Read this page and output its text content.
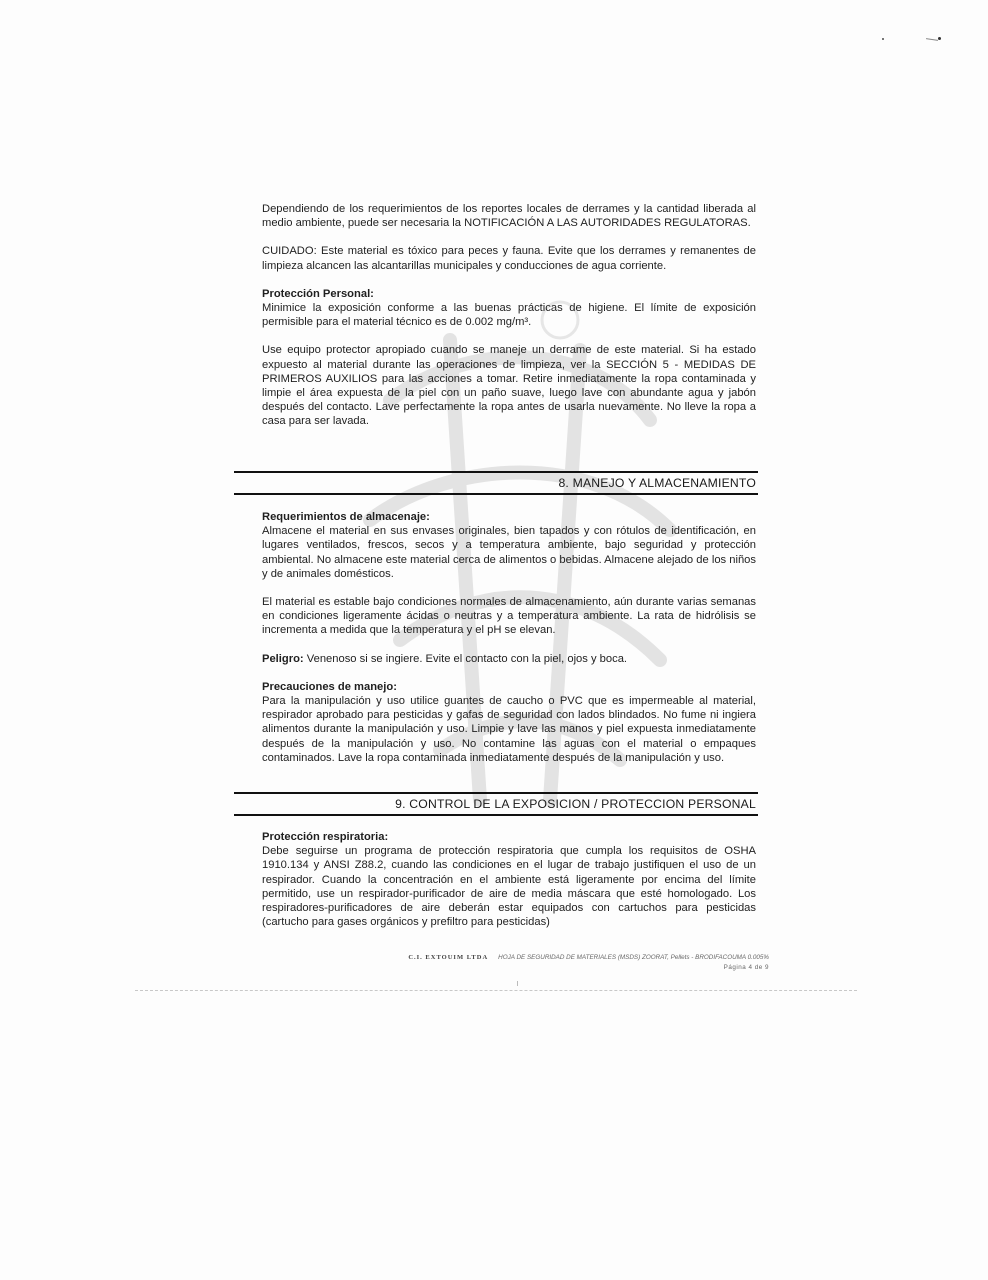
Dependiendo de los requerimientos de los reportes locales de derrames y la cantidad liberada al medio ambiente, puede ser necesaria la NOTIFICACIÓN A LAS AUTORIDADES REGULATORAS.

CUIDADO: Este material es tóxico para peces y fauna. Evite que los derrames y remanentes de limpieza alcancen las alcantarillas municipales y conducciones de agua corriente.

Protección Personal:

Minimice la exposición conforme a las buenas prácticas de higiene. El límite de exposición permisible para el material técnico es de 0.002 mg/m³.

Use equipo protector apropiado cuando se maneje un derrame de este material. Si ha estado expuesto al material durante las operaciones de limpieza, ver la SECCIÓN 5 - MEDIDAS DE PRIMEROS AUXILIOS para las acciones a tomar. Retire inmediatamente la ropa contaminada y limpie el área expuesta de la piel con un paño suave, luego lave con abundante agua y jabón después del contacto. Lave perfectamente la ropa antes de usarla nuevamente. No lleve la ropa a casa para ser lavada.

8. MANEJO Y ALMACENAMIENTO

Requerimientos de almacenaje:

Almacene el material en sus envases originales, bien tapados y con rótulos de identificación, en lugares ventilados, frescos, secos y a temperatura ambiente, bajo seguridad y protección ambiental. No almacene este material cerca de alimentos o bebidas. Almacene alejado de los niños y de animales domésticos.

El material es estable bajo condiciones normales de almacenamiento, aún durante varias semanas en condiciones ligeramente ácidas o neutras y a temperatura ambiente. La rata de hidrólisis se incrementa a medida que la temperatura y el pH se elevan.

Peligro: Venenoso si se ingiere. Evite el contacto con la piel, ojos y boca.

Precauciones de manejo:

Para la manipulación y uso utilice guantes de caucho o PVC que es impermeable al material, respirador aprobado para pesticidas y gafas de seguridad con lados blindados. No fume ni ingiera alimentos durante la manipulación y uso. Limpie y lave las manos y piel expuesta inmediatamente después de la manipulación y uso. No contamine las aguas con el material o empaques contaminados. Lave la ropa contaminada inmediatamente después de la manipulación y uso.

9. CONTROL DE LA EXPOSICION / PROTECCION PERSONAL

Protección respiratoria:

Debe seguirse un programa de protección respiratoria que cumpla los requisitos de OSHA 1910.134 y ANSI Z88.2, cuando las condiciones en el lugar de trabajo justifiquen el uso de un respirador. Cuando la concentración en el ambiente está ligeramente por encima del límite permitido, use un respirador-purificador de aire de media máscara que esté homologado. Los respiradores-purificadores de aire deberán estar equipados con cartuchos para pesticidas (cartucho para gases orgánicos y prefiltro para pesticidas)

C.I. EXTOUIM LTDA HOJA DE SEGURIDAD DE MATERIALES (MSDS) ZOORAT, Pellets - BRODIFACOUMA 0.005%
Página 4 de 9
